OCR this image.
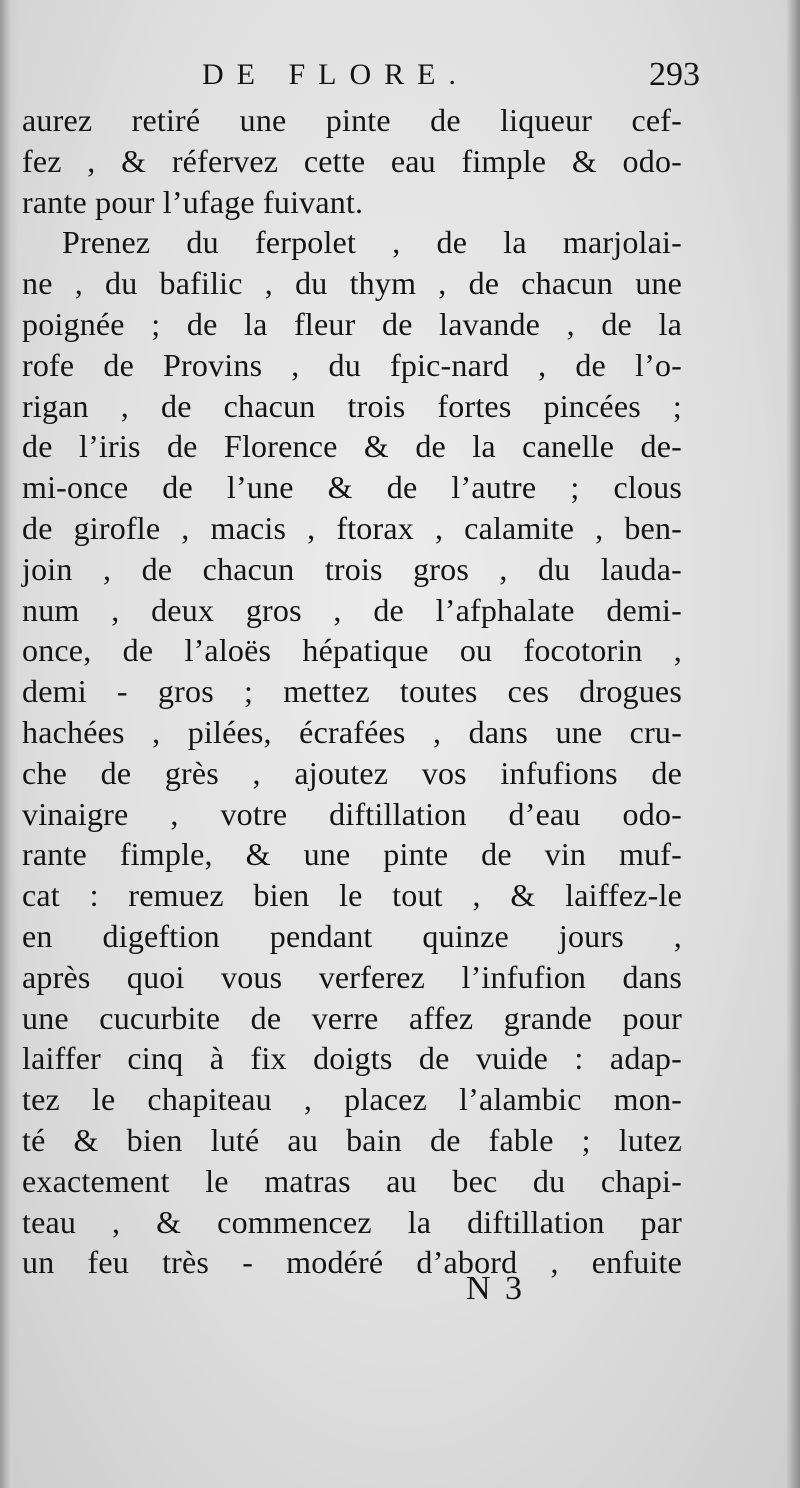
DE FLORE.	293
aurez retiré une pinte de liqueur cef-
fez , & réfervez cette eau fimple & odo-
rante pour l’ufage fuivant.
Prenez du ferpolet , de la marjolai-
ne , du bafilic , du thym , de chacun une
poignée ; de la fleur de lavande , de la
rofe de Provins , du fpic-nard , de l’o-
rigan , de chacun trois fortes pincées ;
de l’iris de Florence & de la canelle de-
mi-once de l’une & de l’autre ; clous
de girofle , macis , ftorax , calamite , ben-
join , de chacun trois gros , du lauda-
num , deux gros , de l’afphalate demi-
once, de l’aloës hépatique ou focotorin ,
demi - gros ; mettez toutes ces drogues
hachées , pilées, écrafées , dans une cru-
che de grès , ajoutez vos infufions de
vinaigre , votre diftillation d’eau odo-
rante fimple, & une pinte de vin muf-
cat : remuez bien le tout , & laiffez-le
en digeftion pendant quinze jours ,
après quoi vous verferez l’infufion dans
une cucurbite de verre affez grande pour
laiffer cinq à fix doigts de vuide : adap-
tez le chapiteau , placez l’alambic mon-
té & bien luté au bain de fable ; lutez
exactement le matras au bec du chapi-
teau , & commencez la diftillation par
un feu très - modéré d’abord , enfuite
N 3
